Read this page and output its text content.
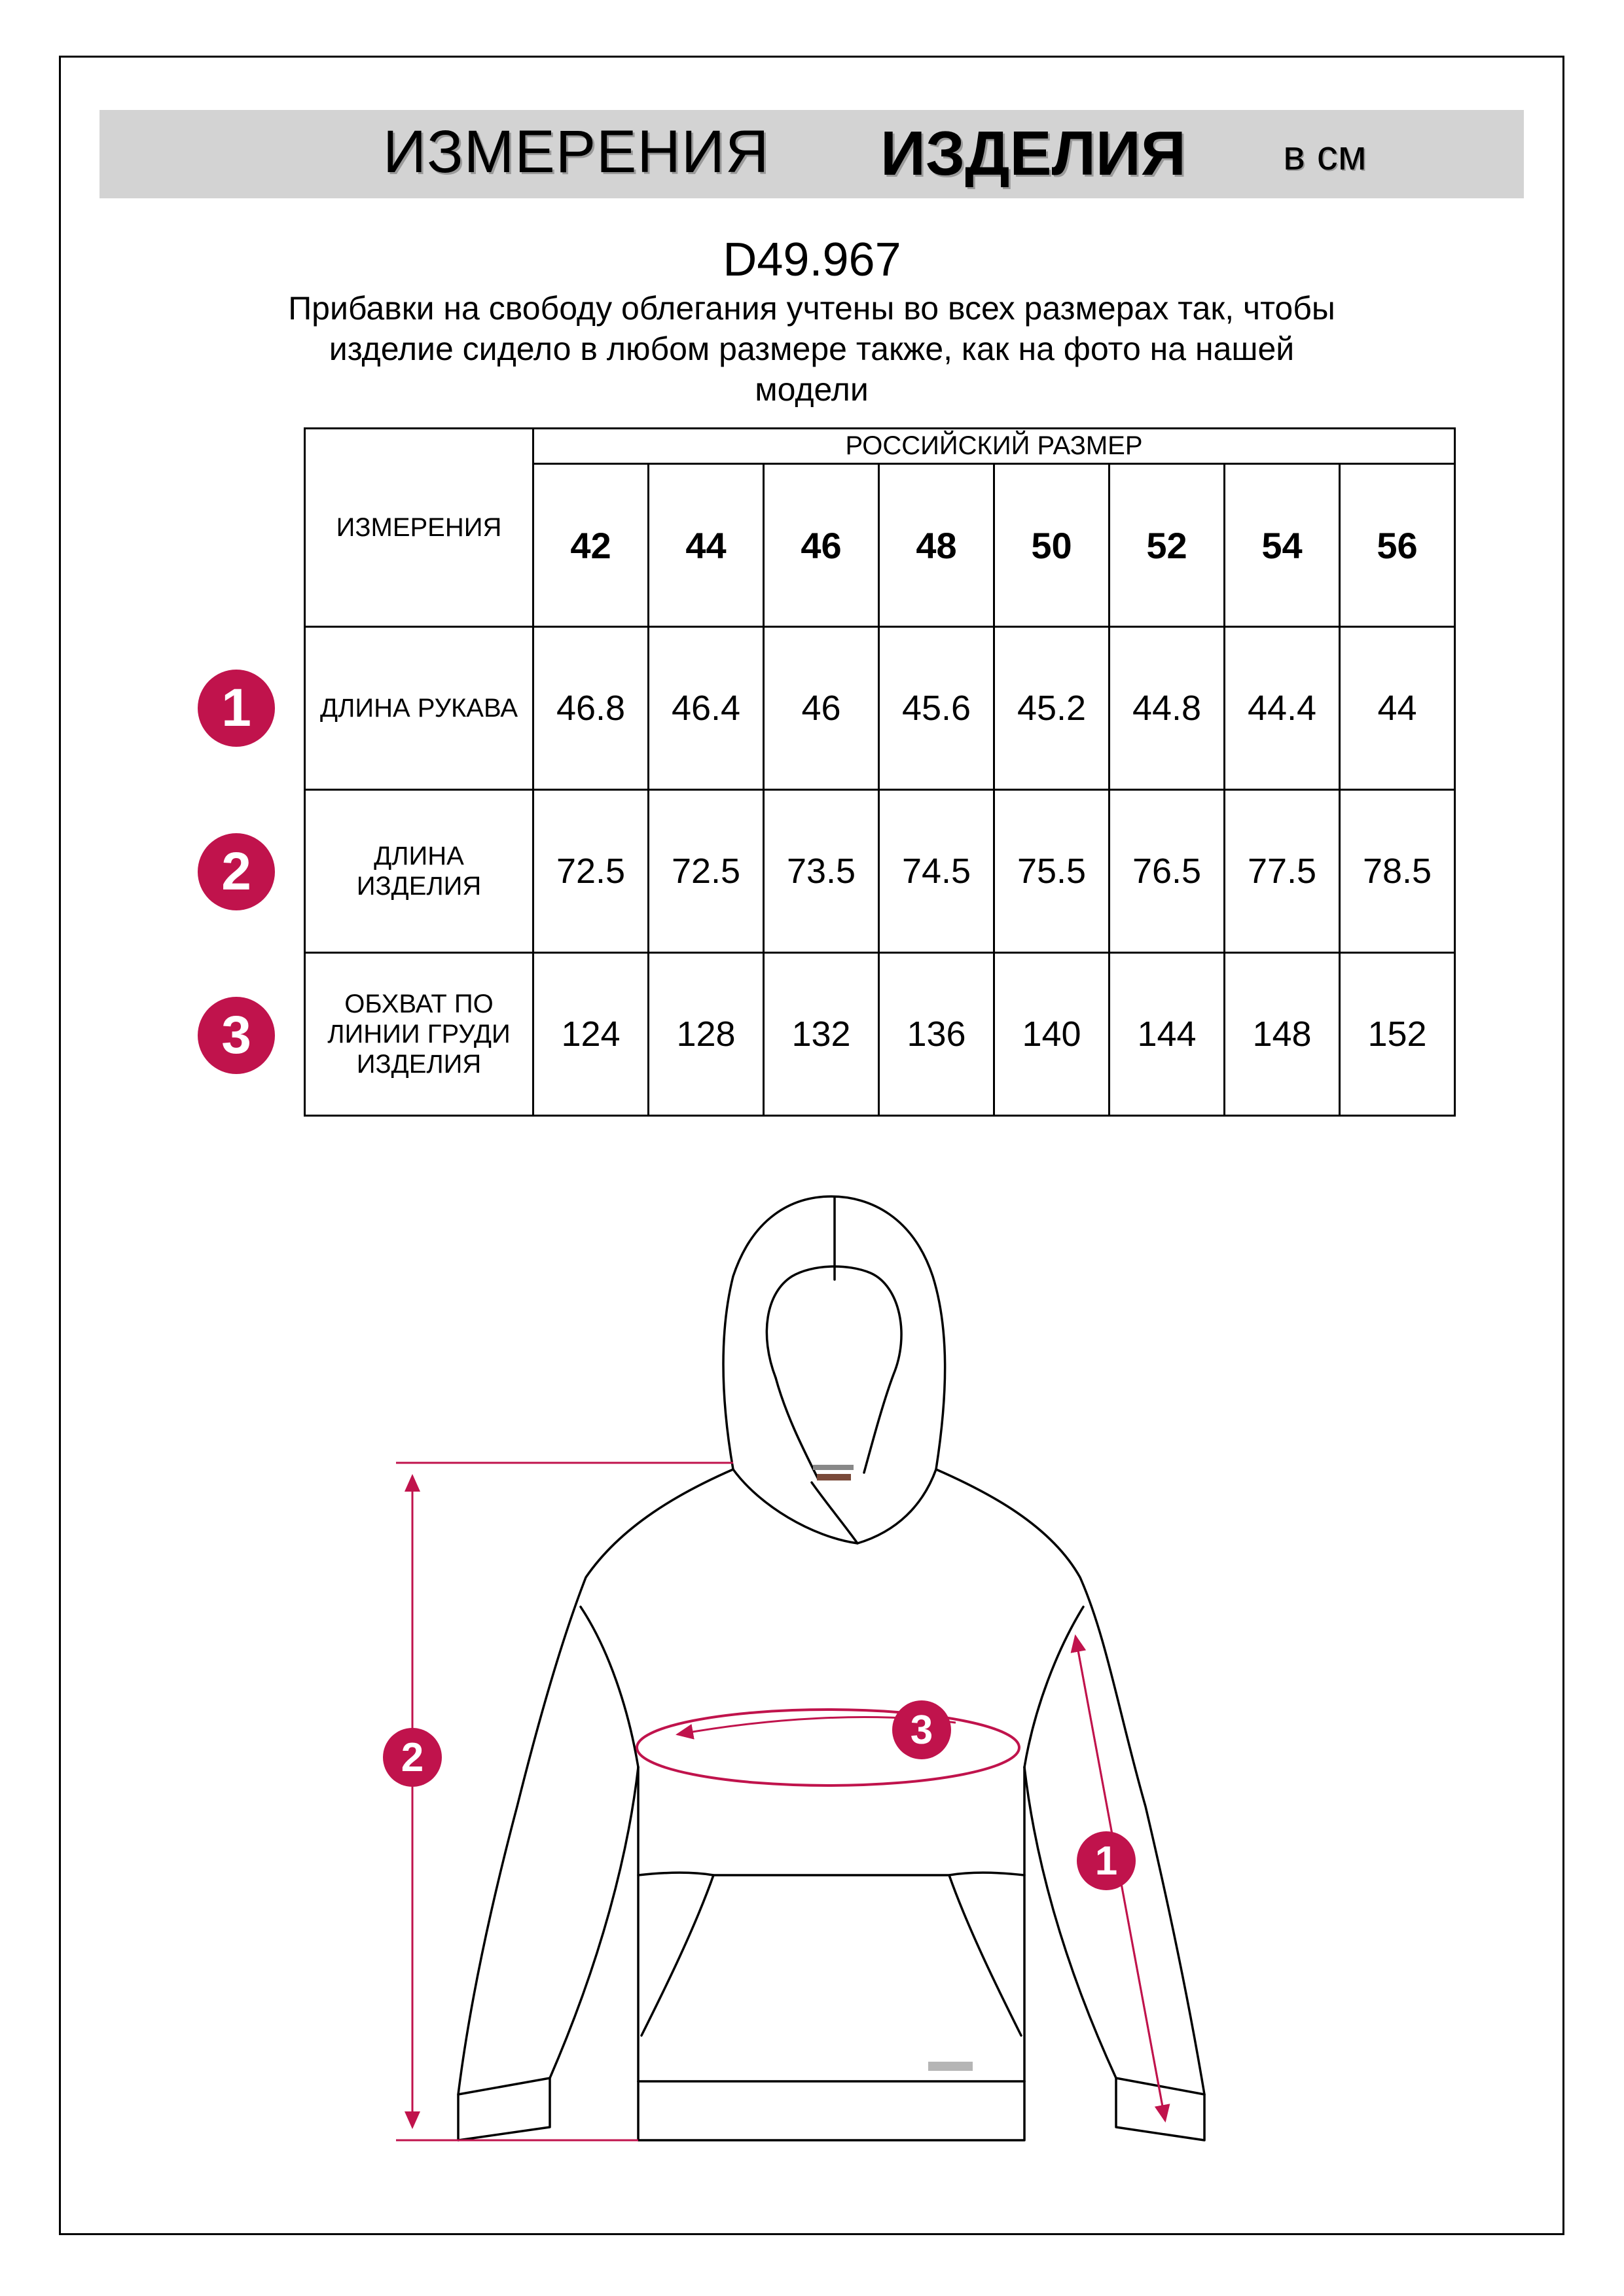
ИЗМЕРЕНИЯ ИЗДЕЛИЯ в см
D49.967
Прибавки на свободу облегания учтены во всех размерах так, чтобы
изделие сидело в любом размере также, как на фото на нашей
модели
ИЗМЕРЕНИЯ	РОССИЙСКИЙ РАЗМЕР							
	42	44	46	48	50	52	54	56

ДЛИНА РУКАВА	46.8	46.4	46	45.6	45.2	44.8	44.4	44

ДЛИНА
ИЗДЕЛИЯ	72.5	72.5	73.5	74.5	75.5	76.5	77.5	78.5

ОБХВАТ ПО
ЛИНИИ ГРУДИ
ИЗДЕЛИЯ	124	128	132	136	140	144	148	152
1
2
3
1
2
3
